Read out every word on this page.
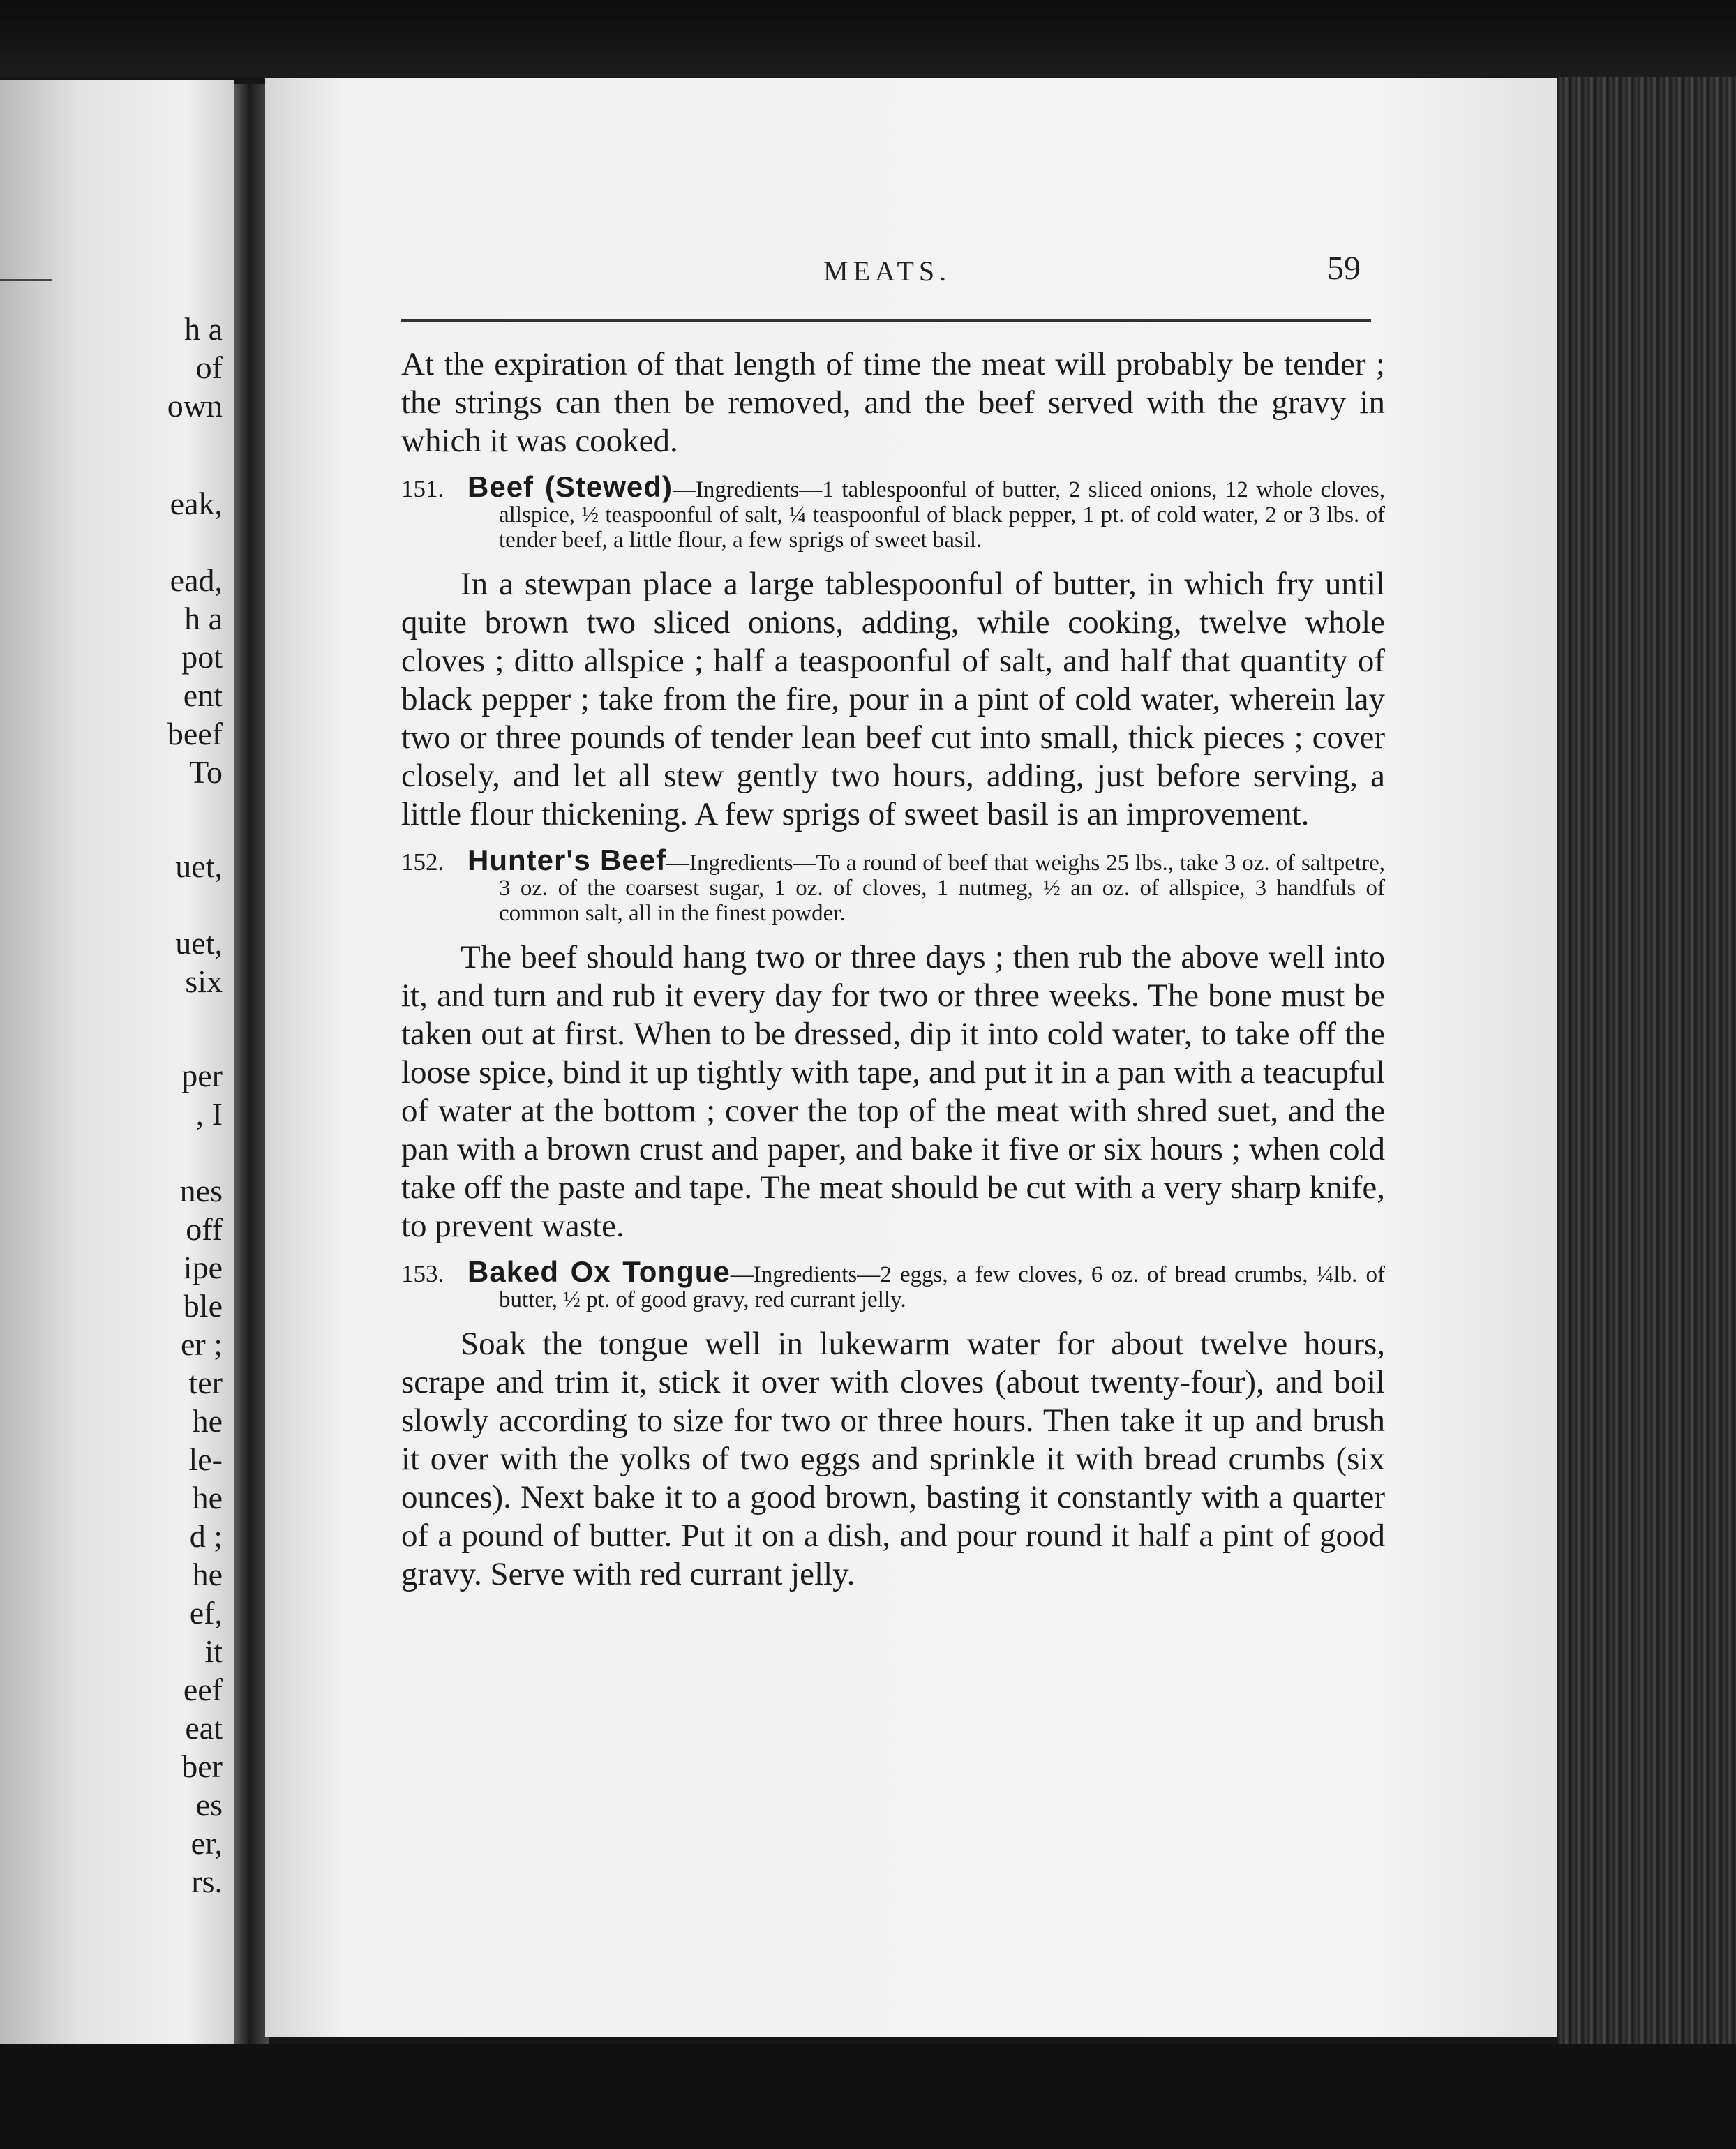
h a
of
own
eak,
ead,
h a
pot
ent
beef
To
uet,
uet,
six
per
, I
nes
off
ipe
ble
er ;
ter
he
le-
he
d ;
he
ef,
it
eef
eat
ber
es
er,
rs.
MEATS.	59

At the expiration of that length of time the meat will probably be tender ; the strings can then be removed, and the beef served with the gravy in which it was cooked.

151. Beef (Stewed)—Ingredients—1 tablespoonful of butter, 2 sliced onions, 12 whole cloves, allspice, ½ teaspoonful of salt, ¼ teaspoonful of black pepper, 1 pt. of cold water, 2 or 3 lbs. of tender beef, a little flour, a few sprigs of sweet basil.

In a stewpan place a large tablespoonful of butter, in which fry until quite brown two sliced onions, adding, while cooking, twelve whole cloves ; ditto allspice ; half a teaspoonful of salt, and half that quantity of black pepper ; take from the fire, pour in a pint of cold water, wherein lay two or three pounds of tender lean beef cut into small, thick pieces ; cover closely, and let all stew gently two hours, adding, just before serving, a little flour thickening. A few sprigs of sweet basil is an improvement.

152. Hunter's Beef—Ingredients—To a round of beef that weighs 25 lbs., take 3 oz. of saltpetre, 3 oz. of the coarsest sugar, 1 oz. of cloves, 1 nutmeg, ½ an oz. of allspice, 3 handfuls of common salt, all in the finest powder.

The beef should hang two or three days ; then rub the above well into it, and turn and rub it every day for two or three weeks. The bone must be taken out at first. When to be dressed, dip it into cold water, to take off the loose spice, bind it up tightly with tape, and put it in a pan with a teacupful of water at the bottom ; cover the top of the meat with shred suet, and the pan with a brown crust and paper, and bake it five or six hours ; when cold take off the paste and tape. The meat should be cut with a very sharp knife, to prevent waste.

153. Baked Ox Tongue—Ingredients—2 eggs, a few cloves, 6 oz. of bread crumbs, ¼lb. of butter, ½ pt. of good gravy, red currant jelly.

Soak the tongue well in lukewarm water for about twelve hours, scrape and trim it, stick it over with cloves (about twenty-four), and boil slowly according to size for two or three hours. Then take it up and brush it over with the yolks of two eggs and sprinkle it with bread crumbs (six ounces). Next bake it to a good brown, basting it constantly with a quarter of a pound of butter. Put it on a dish, and pour round it half a pint of good gravy. Serve with red currant jelly.
